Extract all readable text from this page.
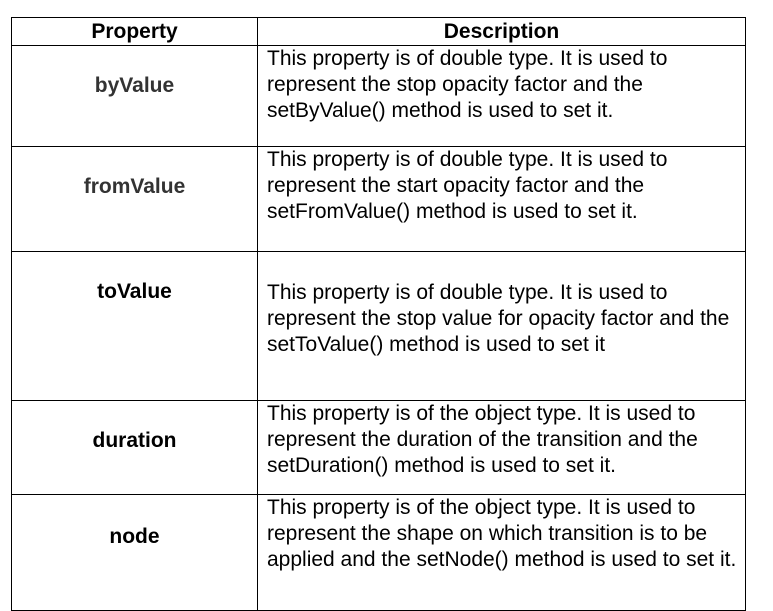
Property	Description

byValue	This property is of double type. It is used to represent the stop opacity factor and the setByValue() method is used to set it.

fromValue	This property is of double type. It is used to represent the start opacity factor and the setFromValue() method is used to set it.

toValue	This property is of double type. It is used to represent the stop value for opacity factor and the setToValue() method is used to set it

duration	This property is of the object type. It is used to represent the duration of the transition and the setDuration() method is used to set it.

node	This property is of the object type. It is used to represent the shape on which transition is to be applied and the setNode() method is used to set it.
